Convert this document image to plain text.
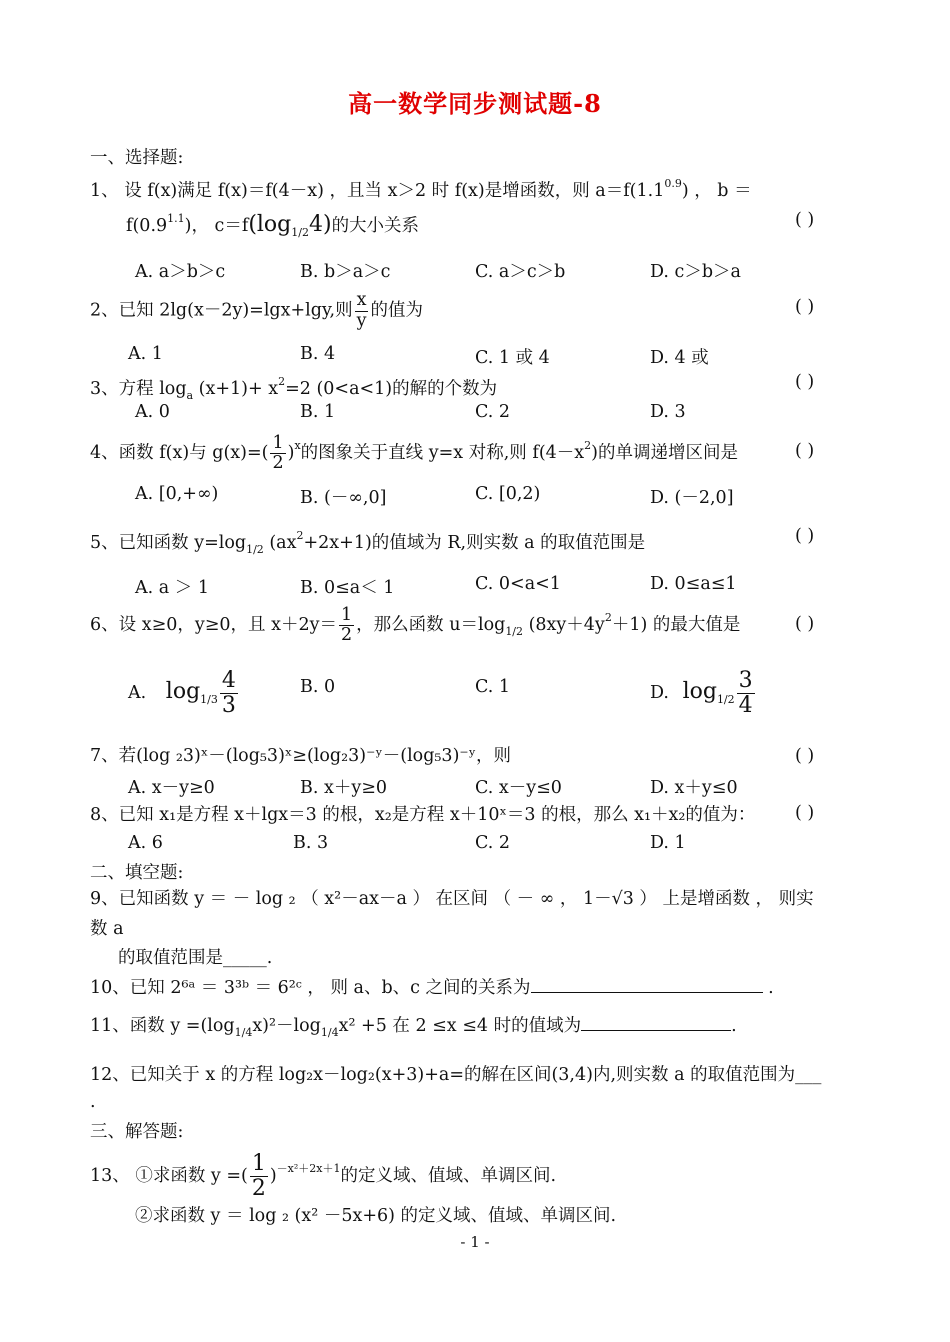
高一数学同步测试题-8
一、选择题:
1、 设 f(x)满足 f(x)＝f(4－x) ，且当 x＞2 时 f(x)是增函数，则 $a=f(1.1^{0.9})$ ， b ＝
$f(0.9^{1.1})$， $c=f(\log_{1/2}4)$的大小关系	( )
A. a＞b＞c	B. b＞a＞c	C. a＞c＞b	D. c＞b＞a
2、已知 2lg(x－2y)=lgx+lgy,则 $\frac{x}{y}$ 的值为	( )
A. 1	B. 4	C. 1 或 4	D. 4 或
3、方程 $\log_a (x+1)+ x^2=2$ (0<a<1)的解的个数为	( )
A. 0	B. 1	C. 2	D. 3
4、函数 f(x)与 $g(x)=( \frac{1}{2} )^x$的图象关于直线 y=x 对称,则 $f(4-x^2)$的单调递增区间是	( )
A. [0,+∞)	B. (－∞,0]	C. [0,2)	D. (－2,0]
5、已知函数 $y=\log_{1/2}$ $(ax^2+2x+1)$的值域为 R,则实数 a 的取值范围是	( )
A. a ＞ 1	B. 0≤a＜ 1	C. 0<a<1	D. 0≤a≤1
6、设 x≥0，y≥0，且 $x+2y= \frac{1}{2}$ ，那么函数 $u=\log_{1/2}$ $(8xy+4y^2+1)$ 的最大值是	( )
A. $\log_{1/3} \frac{4}{3}$	B. 0	C. 1	D. $\log_{1/2} \frac{3}{4}$
7、若(log ₂3)ˣ－(log₅3)ˣ≥(log₂3)⁻ʸ－(log₅3)⁻ʸ，则	( )
A. x－y≥0	B. x＋y≥0	C. x－y≤0	D. x＋y≤0
8、已知 x₁是方程 x＋lgx＝3 的根，x₂是方程 x＋10ˣ＝3 的根，那么 x₁＋x₂的值为： ( )
A. 6	B. 3	C. 2	D. 1
二、填空题:
9、已知函数 y ＝ － log ₂ （ x²－ax－a ） 在区间 （ － ∞ ， 1－√3 ） 上是增函数 ， 则实
数 a
的取值范围是_____.
10、已知 2⁶ᵃ ＝ 3³ᵇ ＝ 6²ᶜ ， 则 a、b、c 之间的关系为	.
11、函数 $y =(\log_{1/4}x)^2-\log_{1/4}x^2 +5$ 在 2 ≤x ≤4 时的值域为	.
12、已知关于 x 的方程 log₂x－log₂(x+3)+a=的解在区间(3,4)内,则实数 a 的取值范围为___
.
三、解答题:
13、 ①求函数 y =( $\frac{1}{2} )^{-x^2+2x+1}$的定义域、值域、单调区间.
②求函数 y ＝ log ₂ (x² －5x+6) 的定义域、值域、单调区间.
- 1 -
